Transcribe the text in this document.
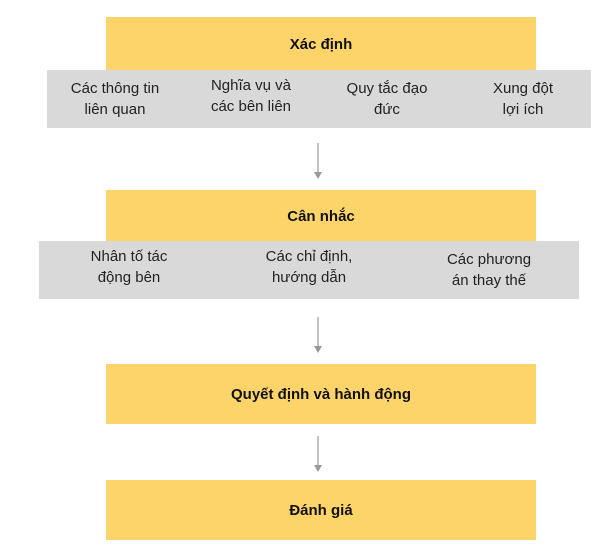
Xác định
Các thông tin
liên quan
Nghĩa vụ và
các bên liên
Quy tắc đạo
đức
Xung đột
lợi ích
Cân nhắc
Nhân tố tác
động bên
Các chỉ định,
hướng dẫn
Các phương
án thay thế
Quyết định và hành động
Đánh giá
